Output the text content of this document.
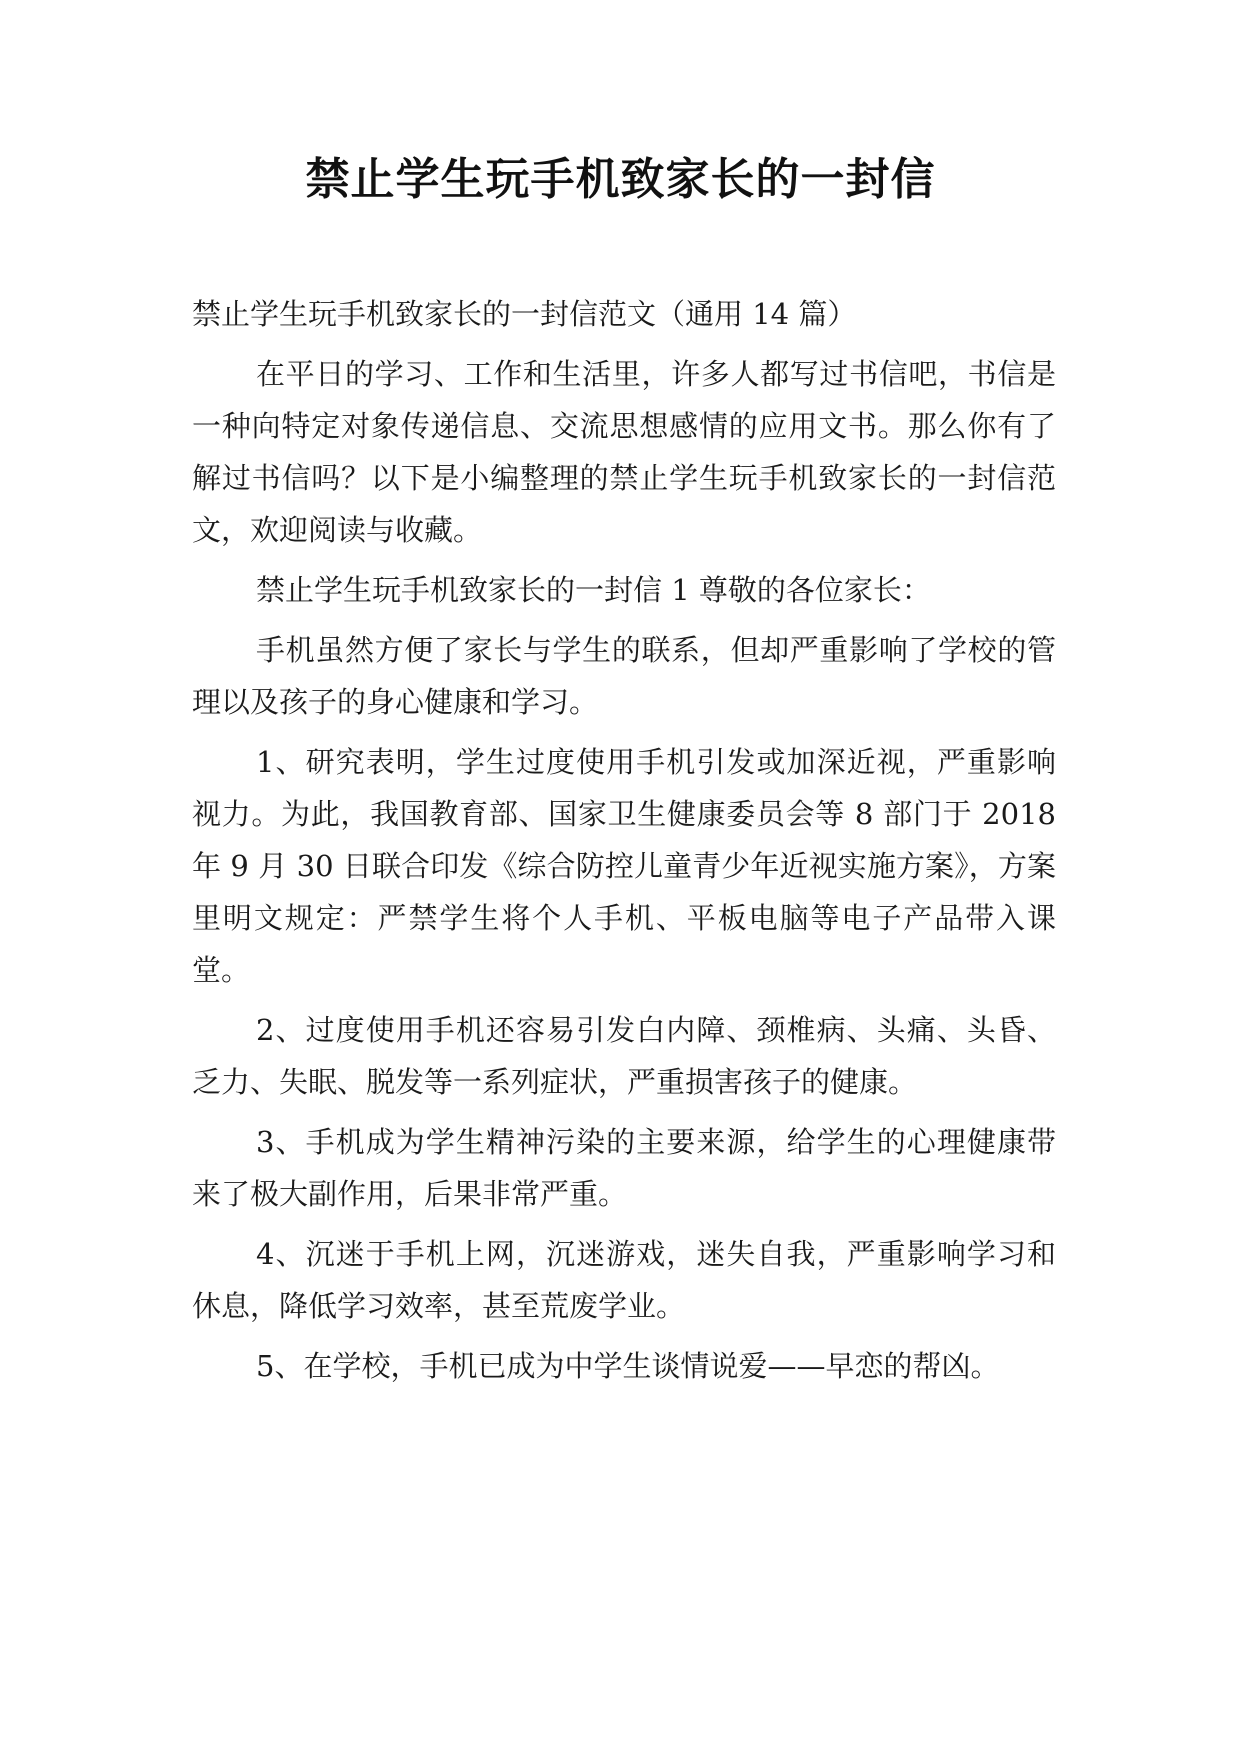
禁止学生玩手机致家长的一封信

禁止学生玩手机致家长的一封信范文（通用 14 篇）

在平日的学习、工作和生活里，许多人都写过书信吧，书信是一种向特定对象传递信息、交流思想感情的应用文书。那么你有了解过书信吗？以下是小编整理的禁止学生玩手机致家长的一封信范文，欢迎阅读与收藏。

禁止学生玩手机致家长的一封信 1 尊敬的各位家长：

手机虽然方便了家长与学生的联系，但却严重影响了学校的管理以及孩子的身心健康和学习。

1、研究表明，学生过度使用手机引发或加深近视，严重影响视力。为此，我国教育部、国家卫生健康委员会等 8 部门于 2018 年 9 月 30 日联合印发《综合防控儿童青少年近视实施方案》，方案里明文规定：严禁学生将个人手机、平板电脑等电子产品带入课堂。

2、过度使用手机还容易引发白内障、颈椎病、头痛、头昏、乏力、失眠、脱发等一系列症状，严重损害孩子的健康。

3、手机成为学生精神污染的主要来源，给学生的心理健康带来了极大副作用，后果非常严重。

4、沉迷于手机上网，沉迷游戏，迷失自我，严重影响学习和休息，降低学习效率，甚至荒废学业。

5、在学校，手机已成为中学生谈情说爱——早恋的帮凶。
